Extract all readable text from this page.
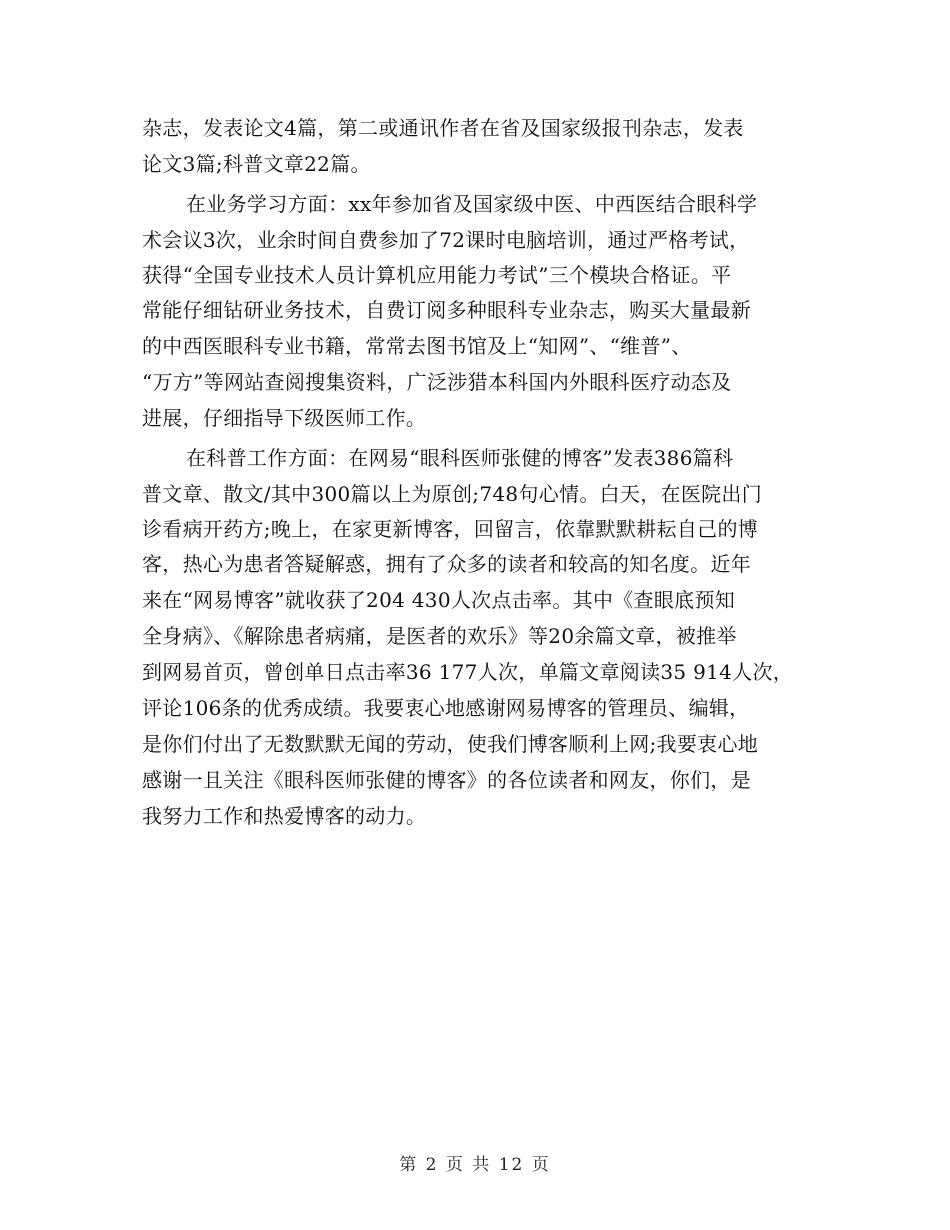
杂志，发表论文4篇，第二或通讯作者在省及国家级报刊杂志，发表
论文3篇;科普文章22篇。
在业务学习方面：xx年参加省及国家级中医、中西医结合眼科学
术会议3次，业余时间自费参加了72课时电脑培训，通过严格考试，
获得“全国专业技术人员计算机应用能力考试”三个模块合格证。平
常能仔细钻研业务技术，自费订阅多种眼科专业杂志，购买大量最新
的中西医眼科专业书籍，常常去图书馆及上“知网”、“维普”、
“万方”等网站查阅搜集资料，广泛涉猎本科国内外眼科医疗动态及
进展，仔细指导下级医师工作。
在科普工作方面：在网易“眼科医师张健的博客”发表386篇科
普文章、散文/其中300篇以上为原创;748句心情。白天，在医院出门
诊看病开药方;晚上，在家更新博客，回留言，依靠默默耕耘自己的博
客，热心为患者答疑解惑，拥有了众多的读者和较高的知名度。近年
来在“网易博客”就收获了204 430人次点击率。其中《查眼底预知
全身病》、《解除患者病痛，是医者的欢乐》等20余篇文章，被推举
到网易首页，曾创单日点击率36 177人次，单篇文章阅读35 914人次，
评论106条的优秀成绩。我要衷心地感谢网易博客的管理员、编辑，
是你们付出了无数默默无闻的劳动，使我们博客顺利上网;我要衷心地
感谢一且关注《眼科医师张健的博客》的各位读者和网友，你们，是
我努力工作和热爱博客的动力。
第 2 页 共 12 页
